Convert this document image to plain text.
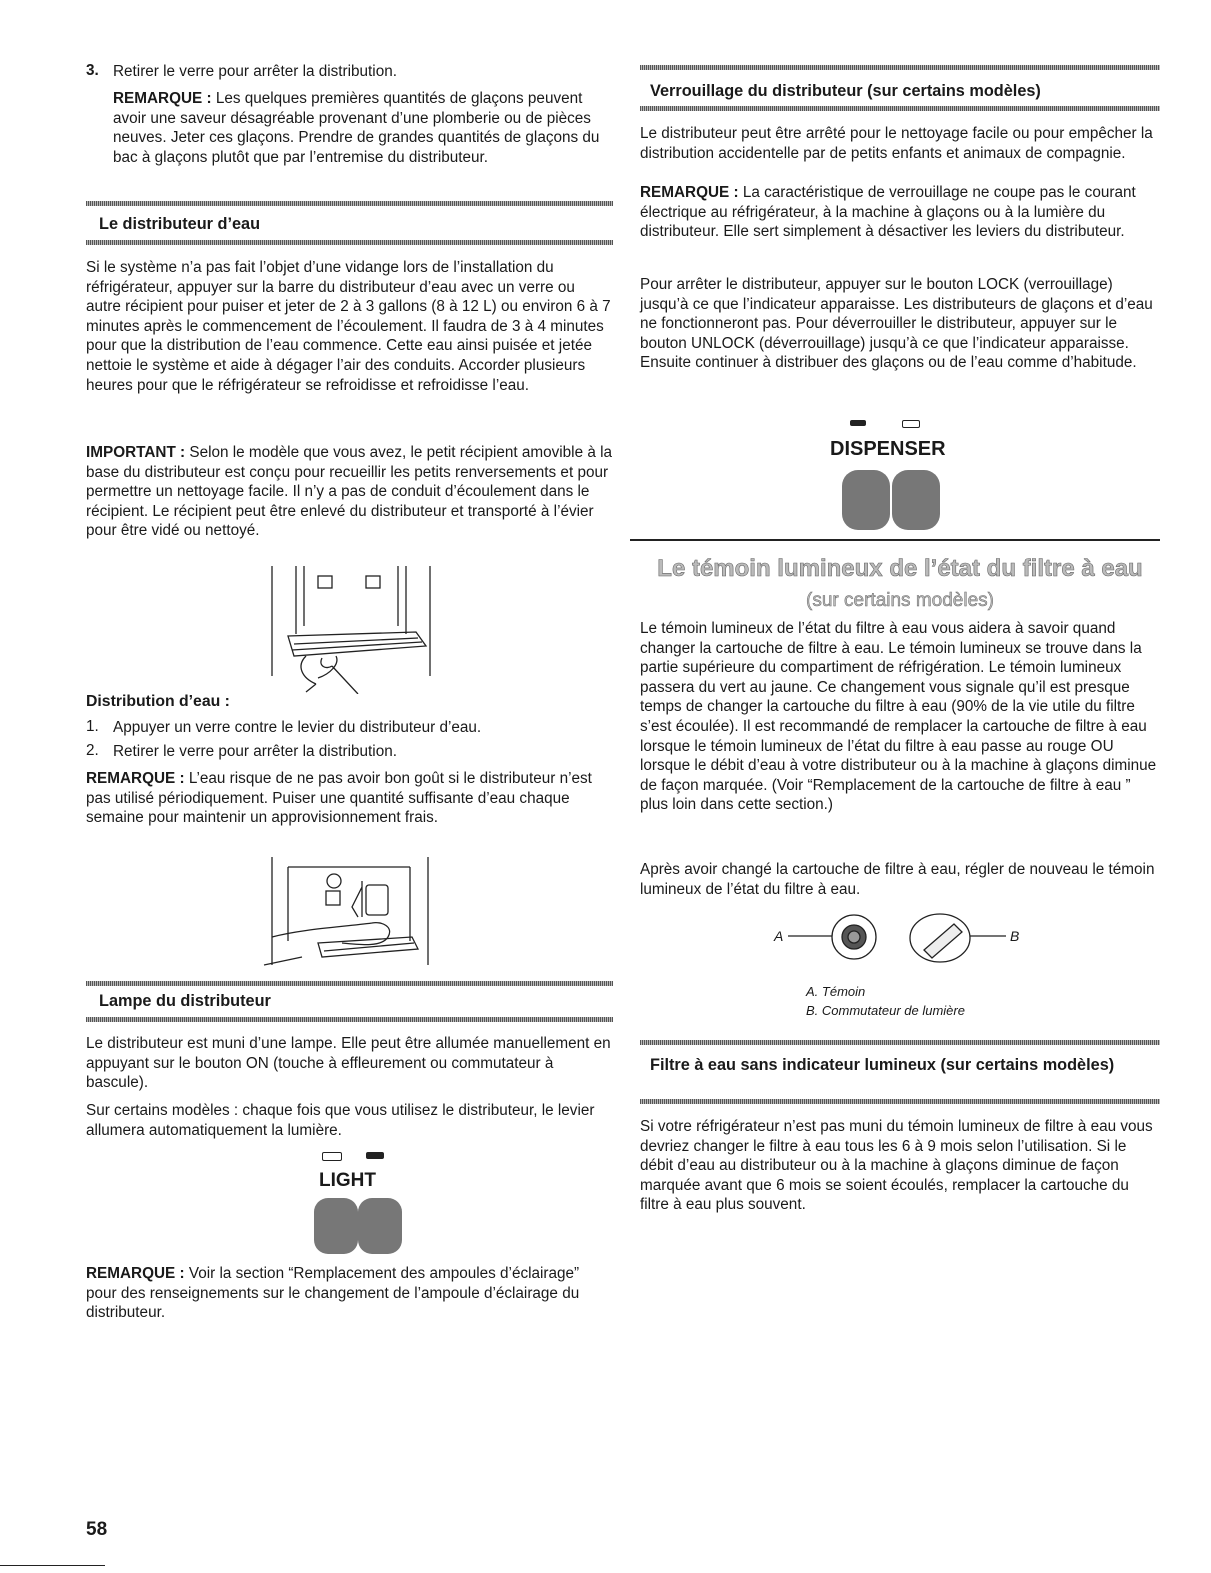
3. Retirer le verre pour arrêter la distribution.

REMARQUE : Les quelques premières quantités de glaçons peuvent avoir une saveur désagréable provenant d’une plomberie ou de pièces neuves. Jeter ces glaçons. Prendre de grandes quantités de glaçons du bac à glaçons plutôt que par l’entremise du distributeur.

Le distributeur d’eau

Si le système n’a pas fait l’objet d’une vidange lors de l’installation du réfrigérateur, appuyer sur la barre du distributeur d’eau avec un verre ou autre récipient pour puiser et jeter de 2 à 3 gallons (8 à 12 L) ou environ 6 à 7 minutes après le commencement de l’écoulement. Il faudra de 3 à 4 minutes pour que la distribution de l’eau commence. Cette eau ainsi puisée et jetée nettoie le système et aide à dégager l’air des conduits. Accorder plusieurs heures pour que le réfrigérateur se refroidisse et refroidisse l’eau.

IMPORTANT : Selon le modèle que vous avez, le petit récipient amovible à la base du distributeur est conçu pour recueillir les petits renversements et pour permettre un nettoyage facile. Il n’y a pas de conduit d’écoulement dans le récipient. Le récipient peut être enlevé du distributeur et transporté à l’évier pour être vidé ou nettoyé.

Distribution d’eau :
1. Appuyer un verre contre le levier du distributeur d’eau.

2. Retirer le verre pour arrêter la distribution.

REMARQUE : L’eau risque de ne pas avoir bon goût si le distributeur n’est pas utilisé périodiquement. Puiser une quantité suffisante d’eau chaque semaine pour maintenir un approvisionnement frais.

Lampe du distributeur

Le distributeur est muni d’une lampe. Elle peut être allumée manuellement en appuyant sur le bouton ON (touche à effleurement ou commutateur à bascule).

Sur certains modèles : chaque fois que vous utilisez le distributeur, le levier allumera automatiquement la lumière.

LIGHT

REMARQUE : Voir la section “Remplacement des ampoules d’éclairage” pour des renseignements sur le changement de l’ampoule d’éclairage du distributeur.

58
Verrouillage du distributeur (sur certains modèles)

Le distributeur peut être arrêté pour le nettoyage facile ou pour empêcher la distribution accidentelle par de petits enfants et animaux de compagnie.

REMARQUE : La caractéristique de verrouillage ne coupe pas le courant électrique au réfrigérateur, à la machine à glaçons ou à la lumière du distributeur. Elle sert simplement à désactiver les leviers du distributeur.

Pour arrêter le distributeur, appuyer sur le bouton LOCK (verrouillage) jusqu’à ce que l’indicateur apparaisse. Les distributeurs de glaçons et d’eau ne fonctionneront pas. Pour déverrouiller le distributeur, appuyer sur le bouton UNLOCK (déverrouillage) jusqu’à ce que l’indicateur apparaisse. Ensuite continuer à distribuer des glaçons ou de l’eau comme d’habitude.

DISPENSER
Le témoin lumineux de l’état du filtre à eau
(sur certains modèles)

Le témoin lumineux de l’état du filtre à eau vous aidera à savoir quand changer la cartouche de filtre à eau. Le témoin lumineux se trouve dans la partie supérieure du compartiment de réfrigération. Le témoin lumineux passera du vert au jaune. Ce changement vous signale qu’il est presque temps de changer la cartouche du filtre à eau (90% de la vie utile du filtre s’est écoulée). Il est recommandé de remplacer la cartouche de filtre à eau lorsque le témoin lumineux de l’état du filtre à eau passe au rouge OU lorsque le débit d’eau à votre distributeur ou à la machine à glaçons diminue de façon marquée. (Voir “Remplacement de la cartouche de filtre à eau ” plus loin dans cette section.)

Après avoir changé la cartouche de filtre à eau, régler de nouveau le témoin lumineux de l’état du filtre à eau.

A	B
A. Témoin
B. Commutateur de lumière
Filtre à eau sans indicateur lumineux (sur certains modèles)

Si votre réfrigérateur n’est pas muni du témoin lumineux de filtre à eau vous devriez changer le filtre à eau tous les 6 à 9 mois selon l’utilisation. Si le débit d’eau au distributeur ou à la machine à glaçons diminue de façon marquée avant que 6 mois se soient écoulés, remplacer la cartouche du filtre à eau plus souvent.
